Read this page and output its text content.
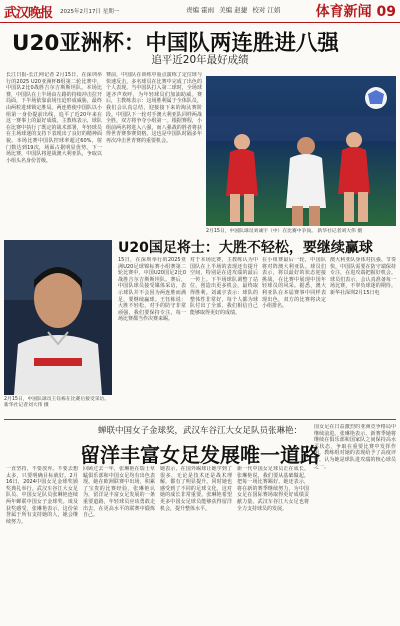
武汉晚报 2025年2月17日 星期一	责编 霍雨 美编 赵捷 校对 江娟	体育新闻 09
U20亚洲杯：中国队两连胜进八强
追平近20年最好成绩
长江日报-长江网记者 2月15日，在深圳举行的2025 U20亚洲杯B组第二轮比赛中，中国队2比0战胜吉尔吉斯斯坦队。本场比赛，中国队在上半场由左路的持续冲击拉开局面，下半场依靠前场压迫形成威胁，最终由两粒进球锁定胜局。两连胜使中国队以小组第一身份提前出线，追平了近20年来在这一赛事上的最好成绩。主教练表示，球队在比赛中执行了既定的战术部署，年轻球员在主场球迷的支持下表现出了良好的精神面貌。本场比赛中国队控球率超过60%，射门数达到19次，场面占据明显优势。下一场比赛，中国队将迎战澳大利亚队，争取以小组头名身份晋级。
赛前，中国队在训练中重点演练了定位球与快速反击，多名球员在比赛中完成了出色的个人表现。当中国队打入第二球时，全场球迷齐声欢呼，为年轻球员们加油助威。赛后，主教练表示：这场胜利属于全体队员，我们会认真总结，迎接接下来的淘汰赛阶段。中国队下一轮对手澳大利亚队同样两战全胜，双方将争夺小组第一。根据赛程，小组前两名将进入八强，而八强战的胜者将获得世青赛参赛资格。这也是中国队时隔多年再次冲击世青赛的重要机会。
2月15日，中国队球员刘诚宇（中）在比赛中争顶。 新华社记者刘大伟 摄
2月15日，中国队球员王钰栋在比赛后接受采访。新华社记者刘大伟 摄
U20国足将士：大胜不轻松，要继续赢球
15日，在深圳举行的2025亚洲U20足球锦标赛小组赛第二轮比赛中，中国U20国足2比0战胜吉尔吉斯斯坦队。赛后，中国队球员接受媒体采访，表示球队并不会因为两连胜而满足，要继续赢球。王钰栋说：大胜不轻松，对手的防守非常顽强，我们要保持专注，每一场比赛都当作决赛来踢。
对于本场比赛，主教练认为中国队在上半场的表现还有提升空间，特别是在进攻端的最后一传上。下半场球队调整了站位，创造出更多机会，最终取得胜利。刘诚宇表示：球队的整体性非常好，每个人都为球队付出了全部，我们相信自己能够取得更好的成绩。
在小组赛最后一轮，中国队将对阵澳大利亚队。球员们表示，将以最好的状态迎接挑战，在比赛中展现中国年轻球员的风采。据悉，澳大利亚队在本届赛事中同样表现出色，双方的比赛将决定小组排名。
澳大利亚队身体对抗强、节奏快，中国队需要在防守端保持专注，在进攻端把握好机会。球员们表示，会认真准备每一场比赛，不辜负球迷的期待。新华社深圳2月15日电
蝉联中国女子金球奖，武汉车谷江大女足队员张琳艳：
留洋丰富女足发展唯一道路
一直坚持，不要放弃。不要去想太多，只要明确目标就好。2月16日，2024中国女足金球奖颁奖典礼举行。武汉车谷江大女足队员、中国女足队员张琳艳连续两年蝉联中国女子金球奖。谈及获奖感受，张琳艳表示，这份荣誉属于所有支持她的人，她会继续努力。
回顾过去一年，张琳艳在瑞士草蜢俱乐部和中国女足均有出色表现。她在欧洲联赛中出场，积累了宝贵的比赛经验。张琳艳认为，留洋是丰富女足发展的一条重要道路，年轻球员应该勇敢走出去，在更高水平的联赛中锻炼自己。
她表示，在国外踢球让她学到了很多，无论是技术还是战术理解，都有了明显提升。同时她也感受到了不同的足球文化，这对她的成长非常重要。张琳艳希望更多中国女足球员能够获得留洋机会，提升整体水平。
新一代中国女足球员正在成长。张琳艳说，我们要从基础做起，把每一场比赛踢好。她还表示，将在新的赛季继续努力，为中国女足在国际赛场取得更好成绩贡献力量。武汉车谷江大女足也将全力支持球员的发展。
国女足在日益激烈的亚洲竞争格局中继续前进。张琳艳表示，新赛季她将继续在俱乐部和国家队之间保持高水平状态，争取在重要比赛中发挥作用。教练组对她的表现给予了高度评价，认为她是球队进攻端的核心球员之一。
